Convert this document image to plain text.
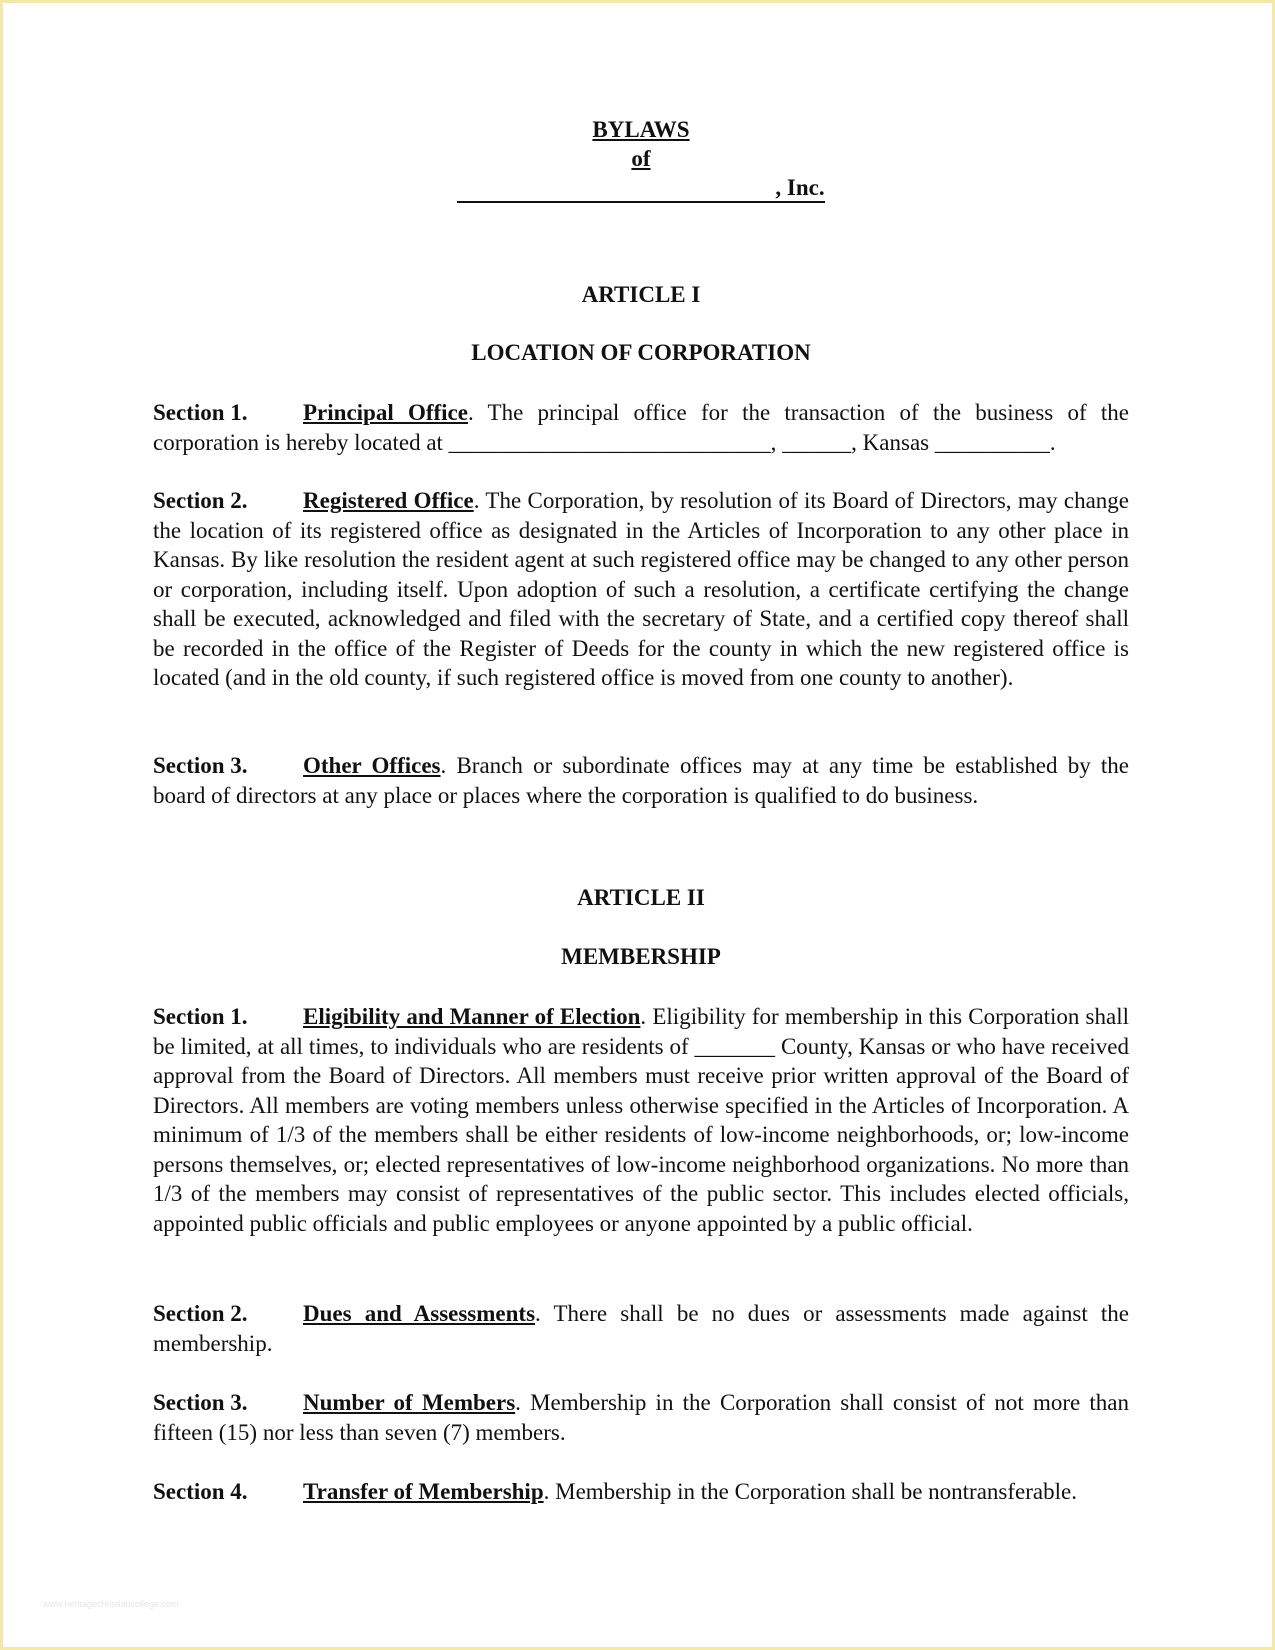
BYLAWS
of
, Inc.
ARTICLE I
LOCATION OF CORPORATION
Section 1. Principal Office. The principal office for the transaction of the business of the corporation is hereby located at ____________________________, ______, Kansas __________.
Section 2. Registered Office. The Corporation, by resolution of its Board of Directors, may change the location of its registered office as designated in the Articles of Incorporation to any other place in Kansas. By like resolution the resident agent at such registered office may be changed to any other person or corporation, including itself. Upon adoption of such a resolution, a certificate certifying the change shall be executed, acknowledged and filed with the secretary of State, and a certified copy thereof shall be recorded in the office of the Register of Deeds for the county in which the new registered office is located (and in the old county, if such registered office is moved from one county to another).
Section 3. Other Offices. Branch or subordinate offices may at any time be established by the board of directors at any place or places where the corporation is qualified to do business.
ARTICLE II
MEMBERSHIP
Section 1. Eligibility and Manner of Election. Eligibility for membership in this Corporation shall be limited, at all times, to individuals who are residents of _______ County, Kansas or who have received approval from the Board of Directors. All members must receive prior written approval of the Board of Directors. All members are voting members unless otherwise specified in the Articles of Incorporation. A minimum of 1/3 of the members shall be either residents of low-income neighborhoods, or; low-income persons themselves, or; elected representatives of low-income neighborhood organizations. No more than 1/3 of the members may consist of representatives of the public sector. This includes elected officials, appointed public officials and public employees or anyone appointed by a public official.
Section 2. Dues and Assessments. There shall be no dues or assessments made against the membership.
Section 3. Number of Members. Membership in the Corporation shall consist of not more than fifteen (15) nor less than seven (7) members.
Section 4. Transfer of Membership. Membership in the Corporation shall be nontransferable.
www.heritagechristiancollege.com
